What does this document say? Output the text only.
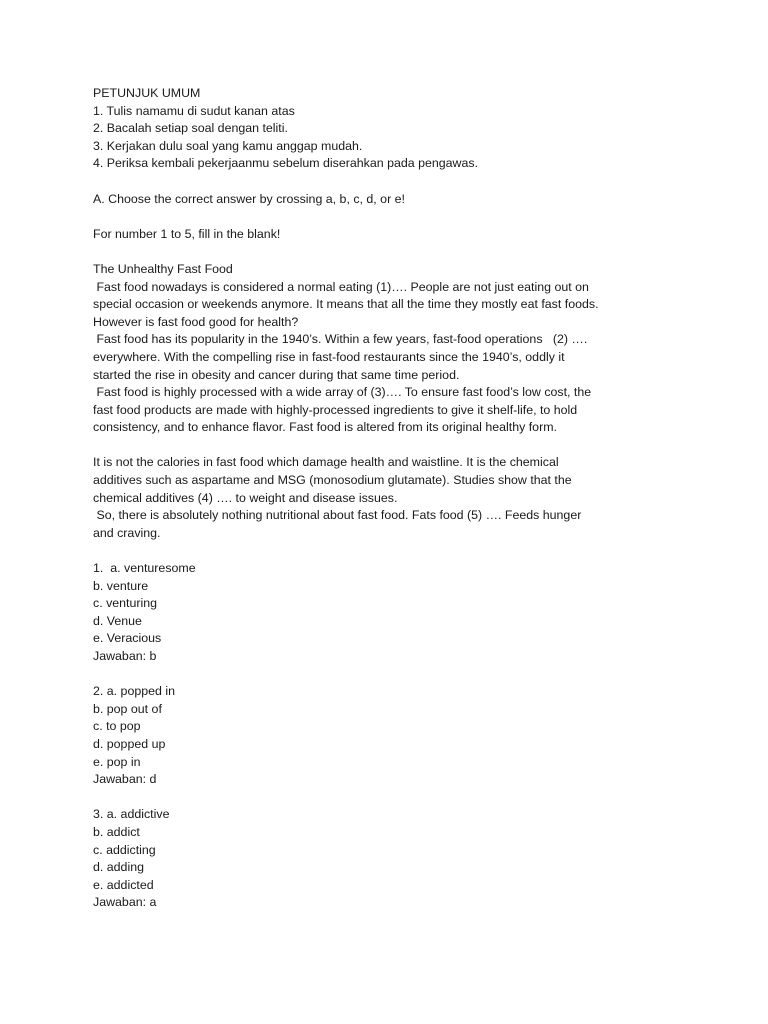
PETUNJUK UMUM
1. Tulis namamu di sudut kanan atas
2. Bacalah setiap soal dengan teliti.
3. Kerjakan dulu soal yang kamu anggap mudah.
4. Periksa kembali pekerjaanmu sebelum diserahkan pada pengawas.
A. Choose the correct answer by crossing a, b, c, d, or e!
For number 1 to 5, fill in the blank!
The Unhealthy Fast Food
Fast food nowadays is considered a normal eating (1)…. People are not just eating out on
special occasion or weekends anymore. It means that all the time they mostly eat fast foods.
However is fast food good for health?
Fast food has its popularity in the 1940’s. Within a few years, fast-food operations   (2) ….
everywhere. With the compelling rise in fast-food restaurants since the 1940’s, oddly it
started the rise in obesity and cancer during that same time period.
Fast food is highly processed with a wide array of (3)…. To ensure fast food’s low cost, the
fast food products are made with highly-processed ingredients to give it shelf-life, to hold
consistency, and to enhance flavor. Fast food is altered from its original healthy form.
It is not the calories in fast food which damage health and waistline. It is the chemical
additives such as aspartame and MSG (monosodium glutamate). Studies show that the
chemical additives (4) …. to weight and disease issues.
So, there is absolutely nothing nutritional about fast food. Fats food (5) …. Feeds hunger
and craving.
1.  a. venturesome
b. venture
c. venturing
d. Venue
e. Veracious
Jawaban: b
2. a. popped in
b. pop out of
c. to pop
d. popped up
e. pop in
Jawaban: d
3. a. addictive
b. addict
c. addicting
d. adding
e. addicted
Jawaban: a
